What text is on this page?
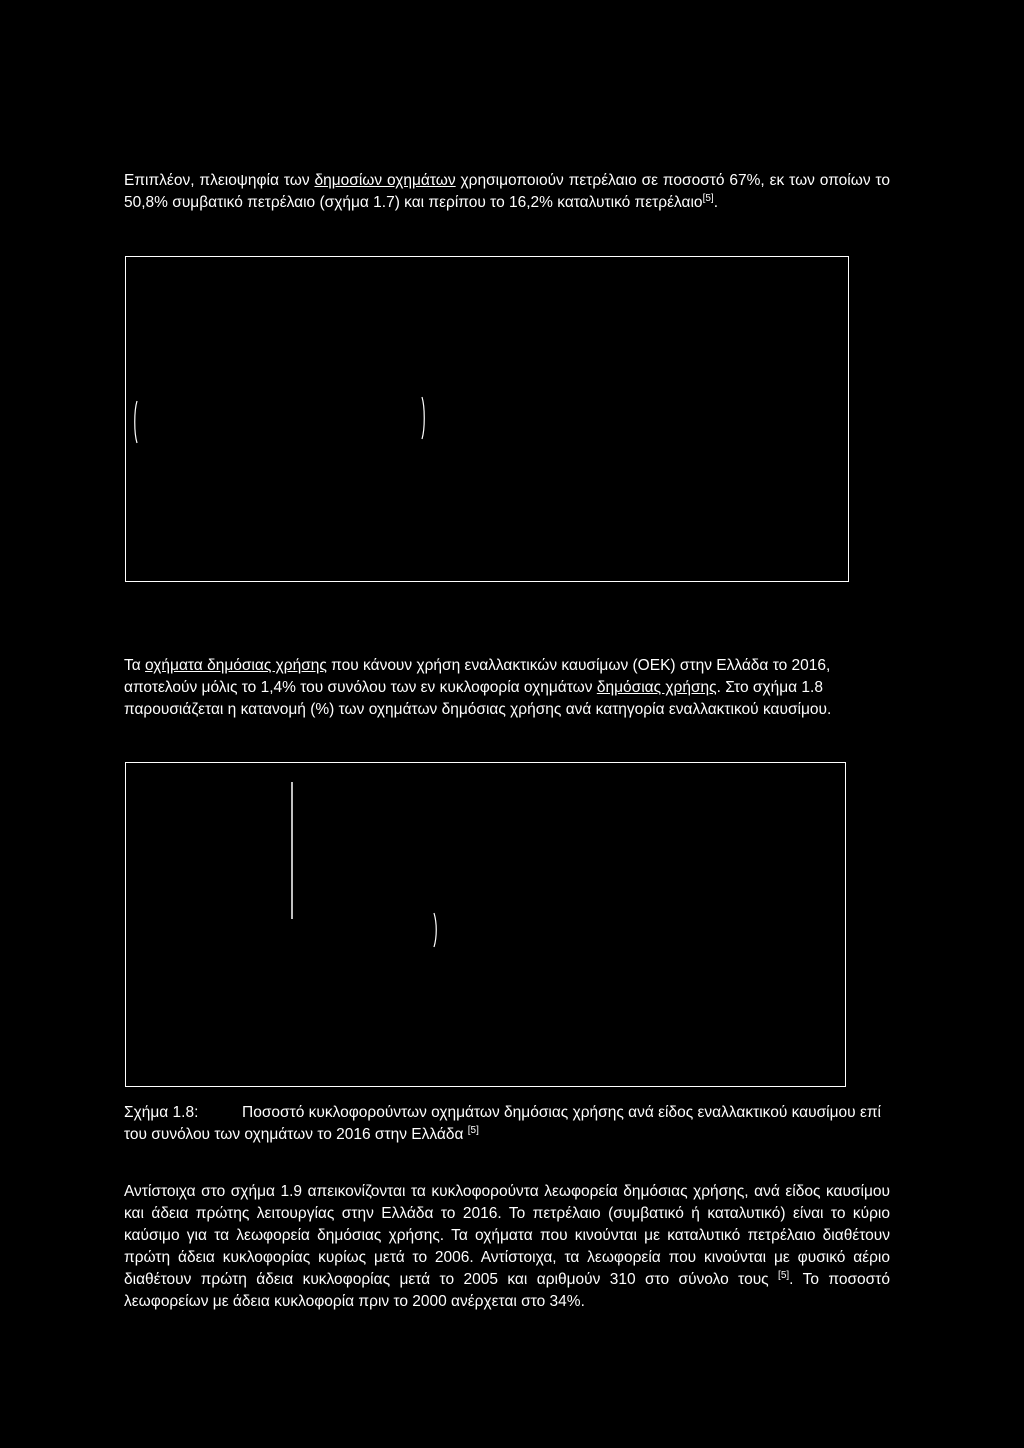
Επιπλέον, πλειοψηφία των δημοσίων οχημάτων χρησιμοποιούν πετρέλαιο σε ποσοστό 67%, εκ των οποίων το 50,8% συμβατικό πετρέλαιο (σχήμα 1.7) και περίπου το 16,2% καταλυτικό πετρέλαιο[5].

Τα οχήματα δημόσιας χρήσης που κάνουν χρήση εναλλακτικών καυσίμων (ΟΕΚ) στην Ελλάδα το 2016, αποτελούν μόλις το 1,4% του συνόλου των εν κυκλοφορία οχημάτων δημόσιας χρήσης. Στο σχήμα 1.8 παρουσιάζεται η κατανομή (%) των οχημάτων δημόσιας χρήσης ανά κατηγορία εναλλακτικού καυσίμου.

Σχήμα 1.8:	Ποσοστό κυκλοφορούντων οχημάτων δημόσιας χρήσης ανά είδος εναλλακτικού καυσίμου επί του συνόλου των οχημάτων το 2016 στην Ελλάδα [5]

Αντίστοιχα στο σχήμα 1.9 απεικονίζονται τα κυκλοφορούντα λεωφορεία δημόσιας χρήσης, ανά είδος καυσίμου και άδεια πρώτης λειτουργίας στην Ελλάδα το 2016. Το πετρέλαιο (συμβατικό ή καταλυτικό) είναι το κύριο καύσιμο για τα λεωφορεία δημόσιας χρήσης. Τα οχήματα που κινούνται με καταλυτικό πετρέλαιο διαθέτουν πρώτη άδεια κυκλοφορίας κυρίως μετά το 2006. Αντίστοιχα, τα λεωφορεία που κινούνται με φυσικό αέριο διαθέτουν πρώτη άδεια κυκλοφορίας μετά το 2005 και αριθμούν 310 στο σύνολο τους [5]. Το ποσοστό λεωφορείων με άδεια κυκλοφορία πριν το 2000 ανέρχεται στο 34%.
